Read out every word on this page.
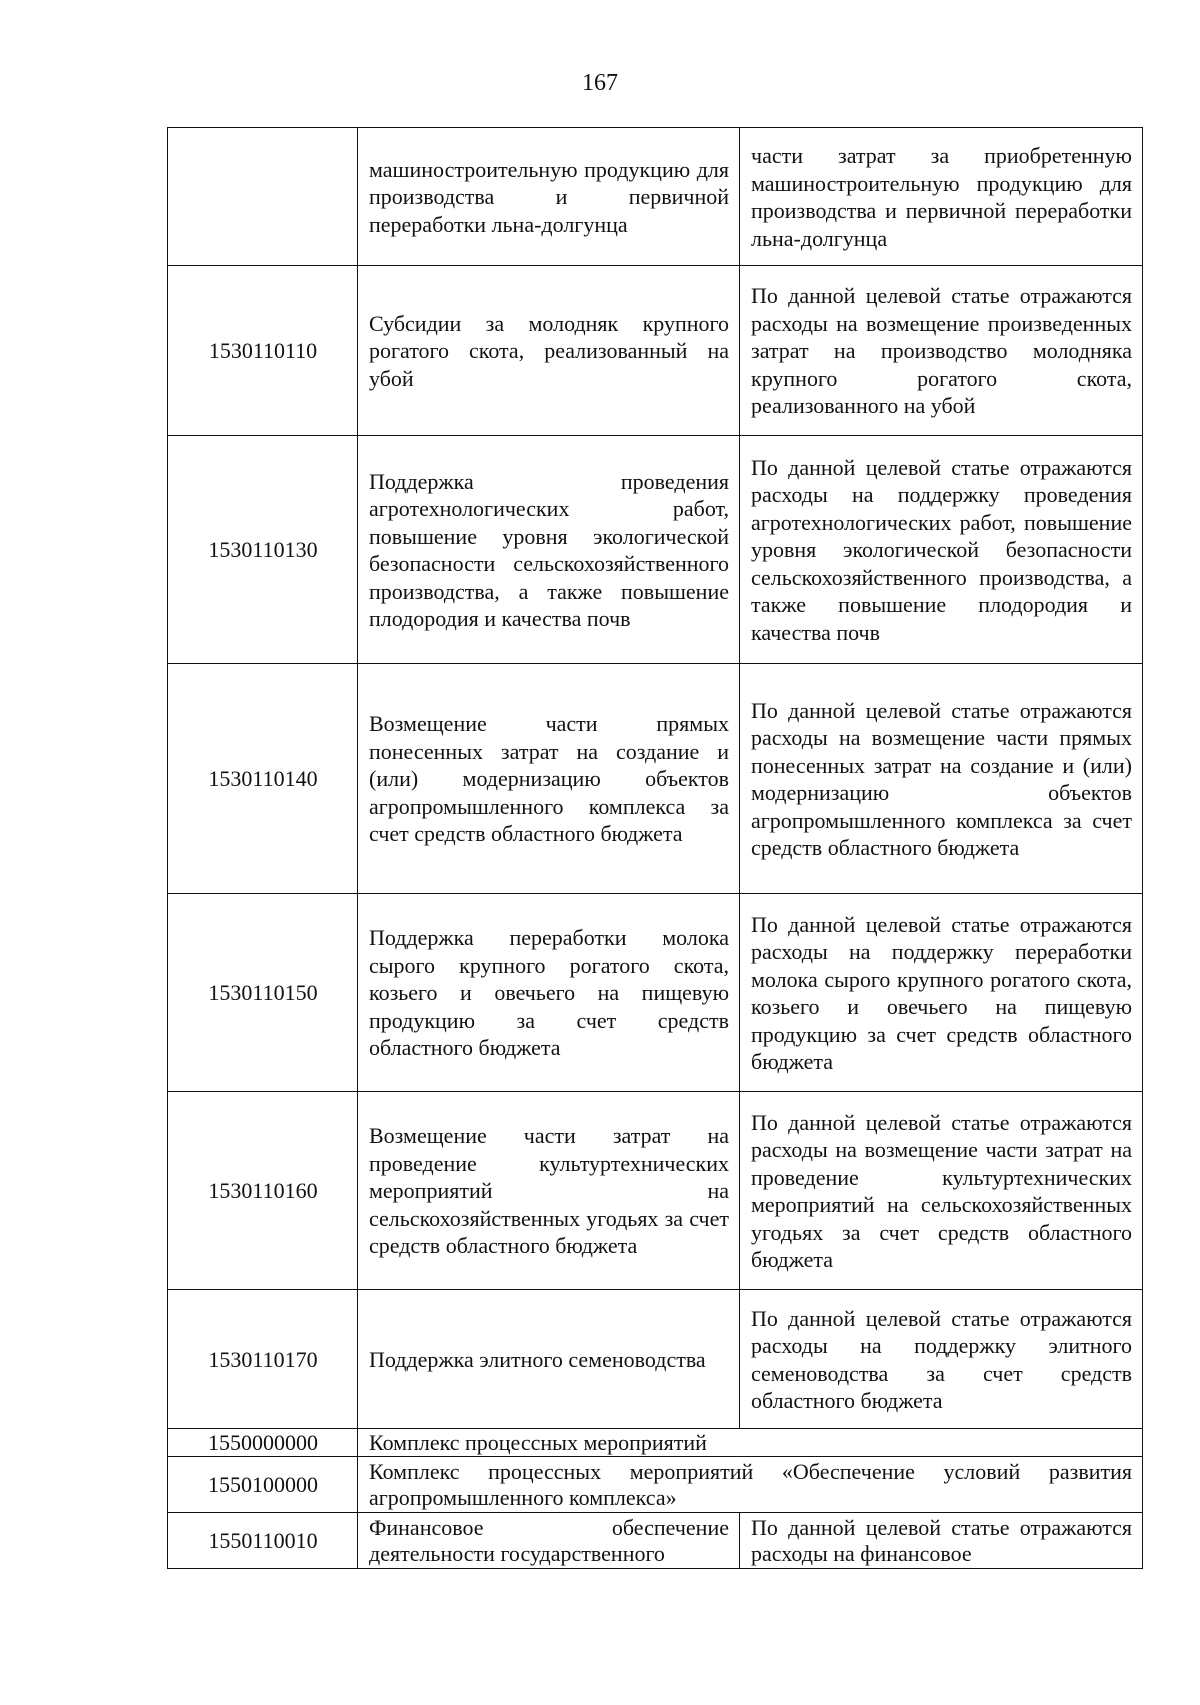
167
	машиностроительную продукцию для производства и первичной переработки льна-долгунца	части затрат за приобретенную машиностроительную продукцию для производства и первичной переработки льна-долгунца
1530110110	Субсидии за молодняк крупного рогатого скота, реализованный на убой	По данной целевой статье отражаются расходы на возмещение произведенных затрат на производство молодняка крупного рогатого скота, реализованного на убой
1530110130	Поддержка проведения агротехнологических работ, повышение уровня экологической безопасности сельскохозяйственного производства, а также повышение плодородия и качества почв	По данной целевой статье отражаются расходы на поддержку проведения агротехнологических работ, повышение уровня экологической безопасности сельскохозяйственного производства, а также повышение плодородия и качества почв
1530110140	Возмещение части прямых понесенных затрат на создание и (или) модернизацию объектов агропромышленного комплекса за счет средств областного бюджета	По данной целевой статье отражаются расходы на возмещение части прямых понесенных затрат на создание и (или) модернизацию объектов агропромышленного комплекса за счет средств областного бюджета
1530110150	Поддержка переработки молока сырого крупного рогатого скота, козьего и овечьего на пищевую продукцию за счет средств областного бюджета	По данной целевой статье отражаются расходы на поддержку переработки молока сырого крупного рогатого скота, козьего и овечьего на пищевую продукцию за счет средств областного бюджета
1530110160	Возмещение части затрат на проведение культуртехнических мероприятий на сельскохозяйственных угодьях за счет средств областного бюджета	По данной целевой статье отражаются расходы на возмещение части затрат на проведение культуртехнических мероприятий на сельскохозяйственных угодьях за счет средств областного бюджета
1530110170	Поддержка элитного семеноводства	По данной целевой статье отражаются расходы на поддержку элитного семеноводства за счет средств областного бюджета
1550000000	Комплекс процессных мероприятий	
1550100000	Комплекс процессных мероприятий «Обеспечение условий развития агропромышленного комплекса»	
1550110010	Финансовое обеспечение деятельности государственного	По данной целевой статье отражаются расходы на финансовое
